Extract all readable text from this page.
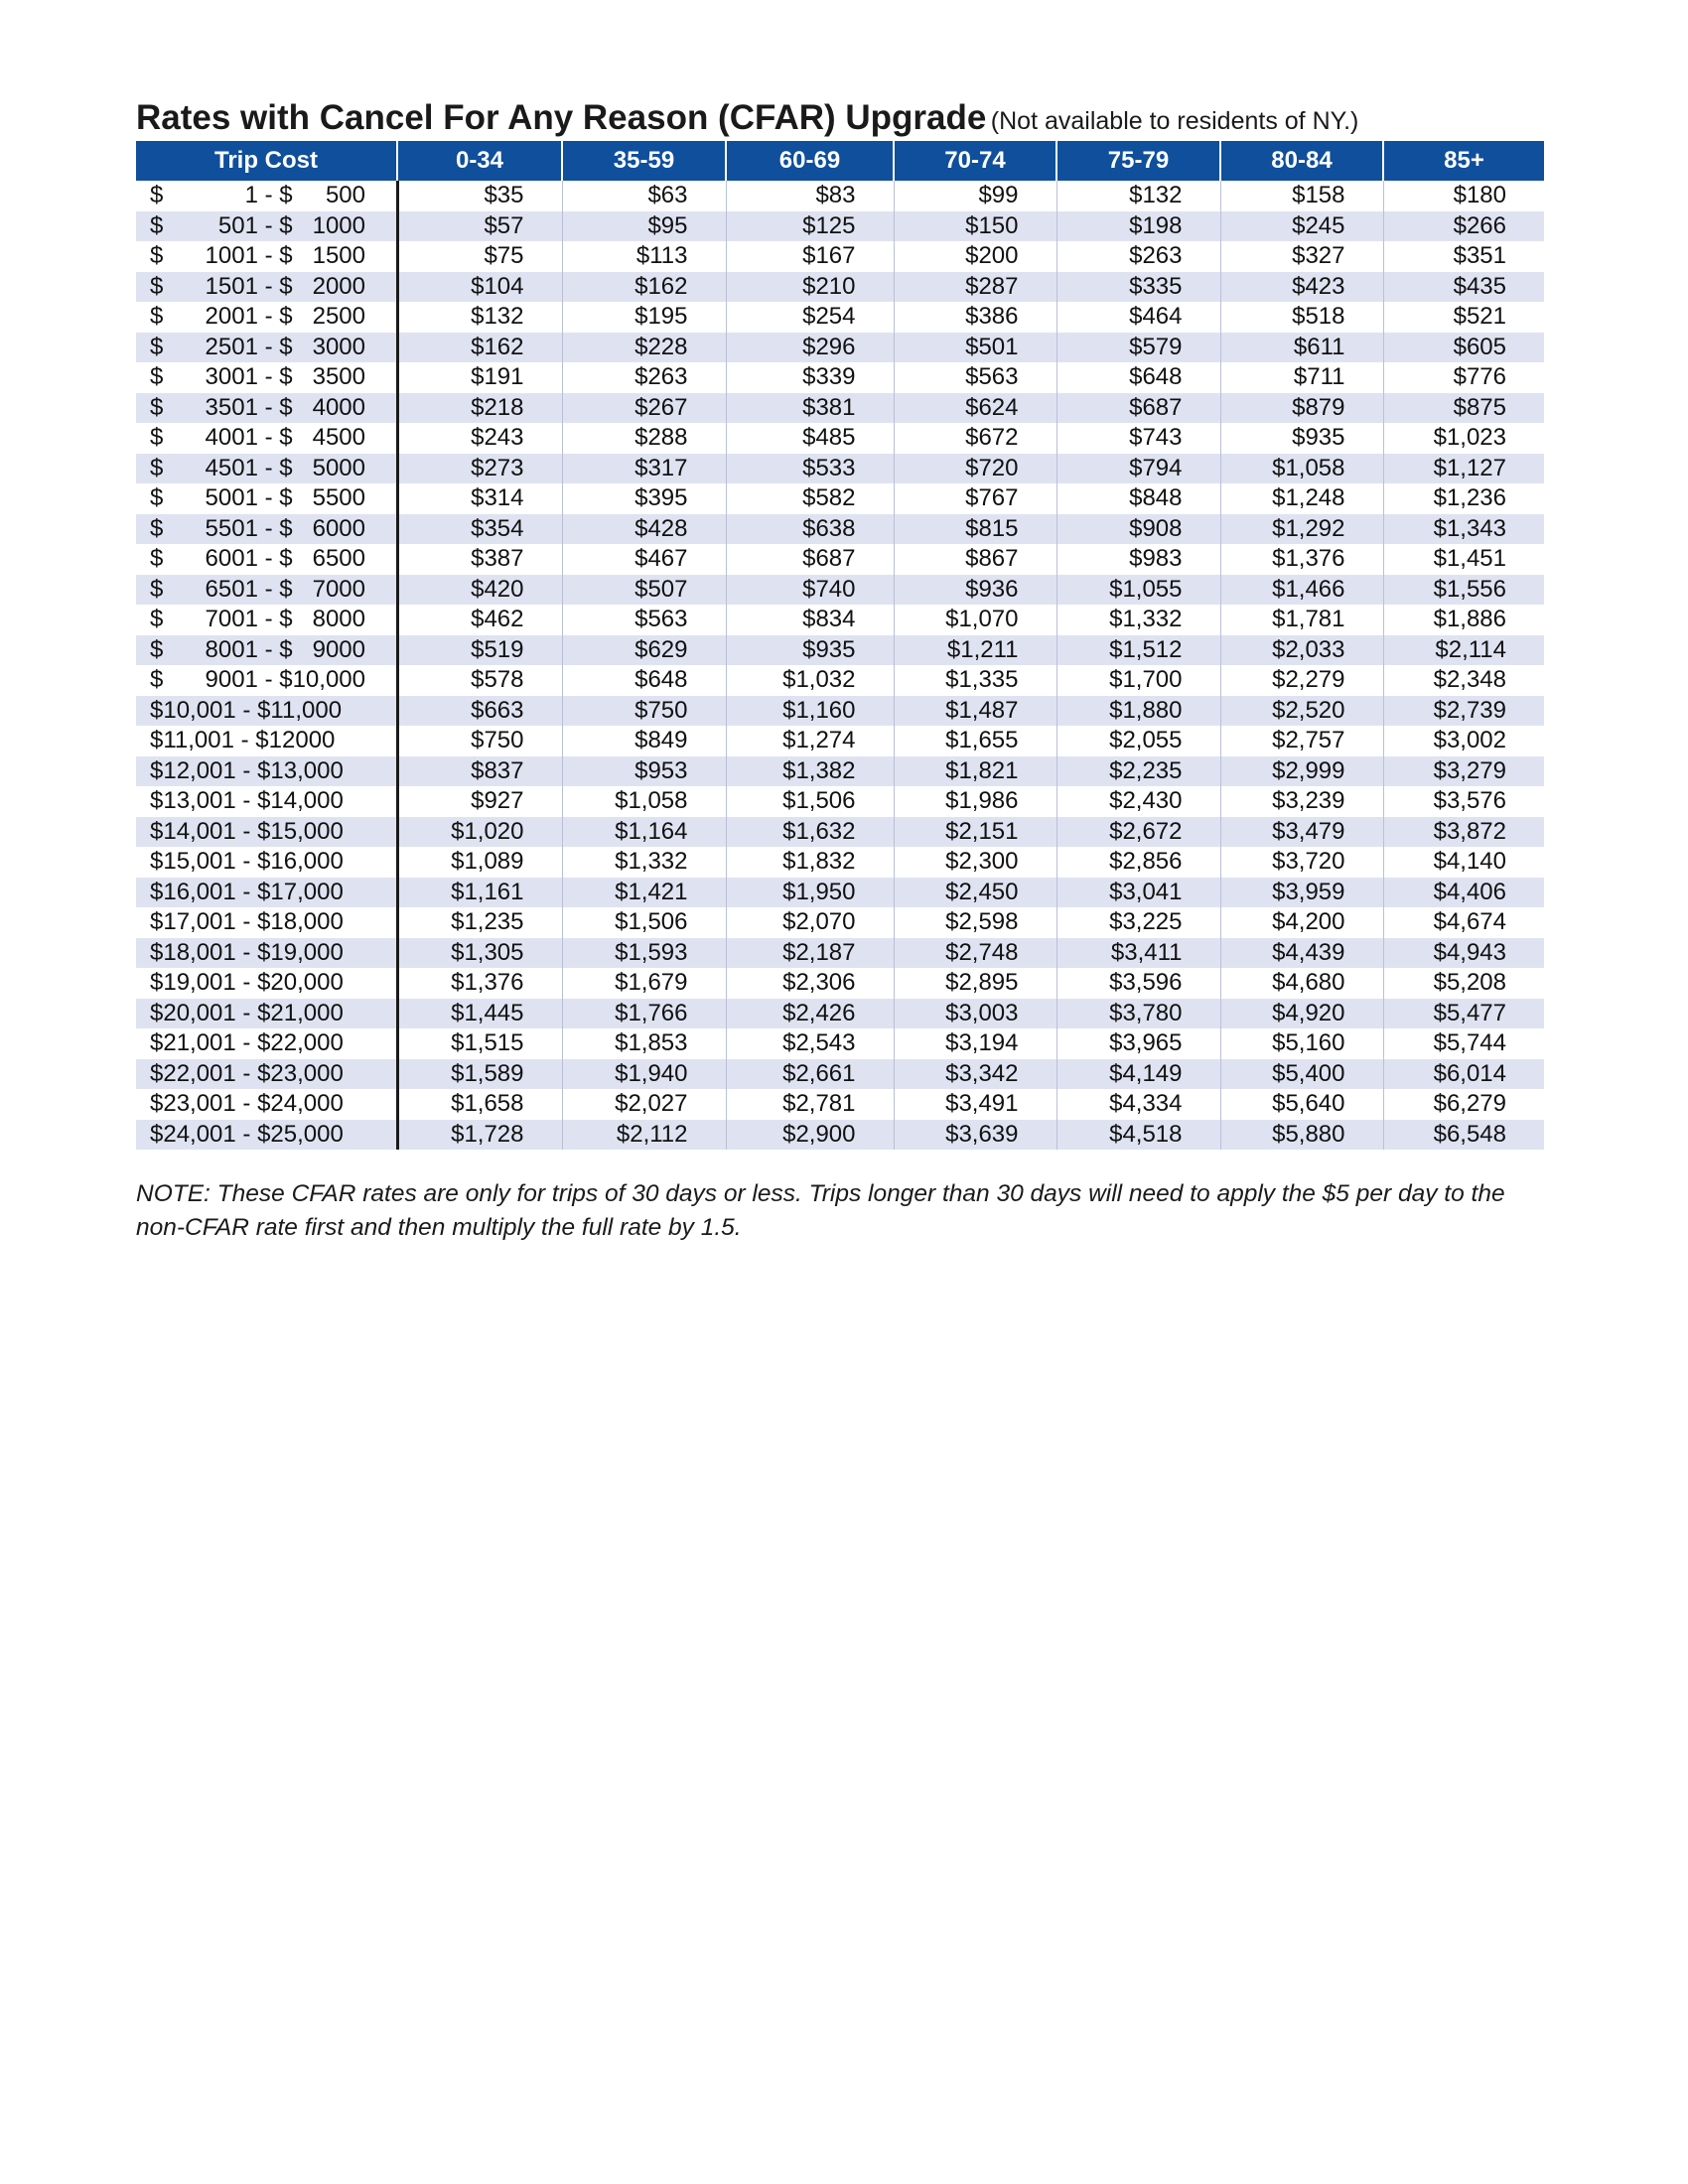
Rates with Cancel For Any Reason (CFAR) Upgrade (Not available to residents of NY.)
Trip Cost	0-34	35-59	60-69	70-74	75-79	80-84	85+
$ 1 - $     500	$35	$63	$83	$99	$132	$158	$180
$ 501 - $   1000	$57	$95	$125	$150	$198	$245	$266
$ 1001 - $   1500	$75	$113	$167	$200	$263	$327	$351
$ 1501 - $   2000	$104	$162	$210	$287	$335	$423	$435
$ 2001 - $   2500	$132	$195	$254	$386	$464	$518	$521
$ 2501 - $   3000	$162	$228	$296	$501	$579	$611	$605
$ 3001 - $   3500	$191	$263	$339	$563	$648	$711	$776
$ 3501 - $   4000	$218	$267	$381	$624	$687	$879	$875
$ 4001 - $   4500	$243	$288	$485	$672	$743	$935	$1,023
$ 4501 - $   5000	$273	$317	$533	$720	$794	$1,058	$1,127
$ 5001 - $   5500	$314	$395	$582	$767	$848	$1,248	$1,236
$ 5501 - $   6000	$354	$428	$638	$815	$908	$1,292	$1,343
$ 6001 - $   6500	$387	$467	$687	$867	$983	$1,376	$1,451
$ 6501 - $   7000	$420	$507	$740	$936	$1,055	$1,466	$1,556
$ 7001 - $   8000	$462	$563	$834	$1,070	$1,332	$1,781	$1,886
$ 8001 - $   9000	$519	$629	$935	$1,211	$1,512	$2,033	$2,114
$ 9001 - $10,000	$578	$648	$1,032	$1,335	$1,700	$2,279	$2,348
$10,001 - $11,000	$663	$750	$1,160	$1,487	$1,880	$2,520	$2,739
$11,001 - $12000	$750	$849	$1,274	$1,655	$2,055	$2,757	$3,002
$12,001 - $13,000	$837	$953	$1,382	$1,821	$2,235	$2,999	$3,279
$13,001 - $14,000	$927	$1,058	$1,506	$1,986	$2,430	$3,239	$3,576
$14,001 - $15,000	$1,020	$1,164	$1,632	$2,151	$2,672	$3,479	$3,872
$15,001 - $16,000	$1,089	$1,332	$1,832	$2,300	$2,856	$3,720	$4,140
$16,001 - $17,000	$1,161	$1,421	$1,950	$2,450	$3,041	$3,959	$4,406
$17,001 - $18,000	$1,235	$1,506	$2,070	$2,598	$3,225	$4,200	$4,674
$18,001 - $19,000	$1,305	$1,593	$2,187	$2,748	$3,411	$4,439	$4,943
$19,001 - $20,000	$1,376	$1,679	$2,306	$2,895	$3,596	$4,680	$5,208
$20,001 - $21,000	$1,445	$1,766	$2,426	$3,003	$3,780	$4,920	$5,477
$21,001 - $22,000	$1,515	$1,853	$2,543	$3,194	$3,965	$5,160	$5,744
$22,001 - $23,000	$1,589	$1,940	$2,661	$3,342	$4,149	$5,400	$6,014
$23,001 - $24,000	$1,658	$2,027	$2,781	$3,491	$4,334	$5,640	$6,279
$24,001 - $25,000	$1,728	$2,112	$2,900	$3,639	$4,518	$5,880	$6,548
NOTE: These CFAR rates are only for trips of 30 days or less. Trips longer than 30 days will need to apply the $5 per day to the non-CFAR rate first and then multiply the full rate by 1.5.
